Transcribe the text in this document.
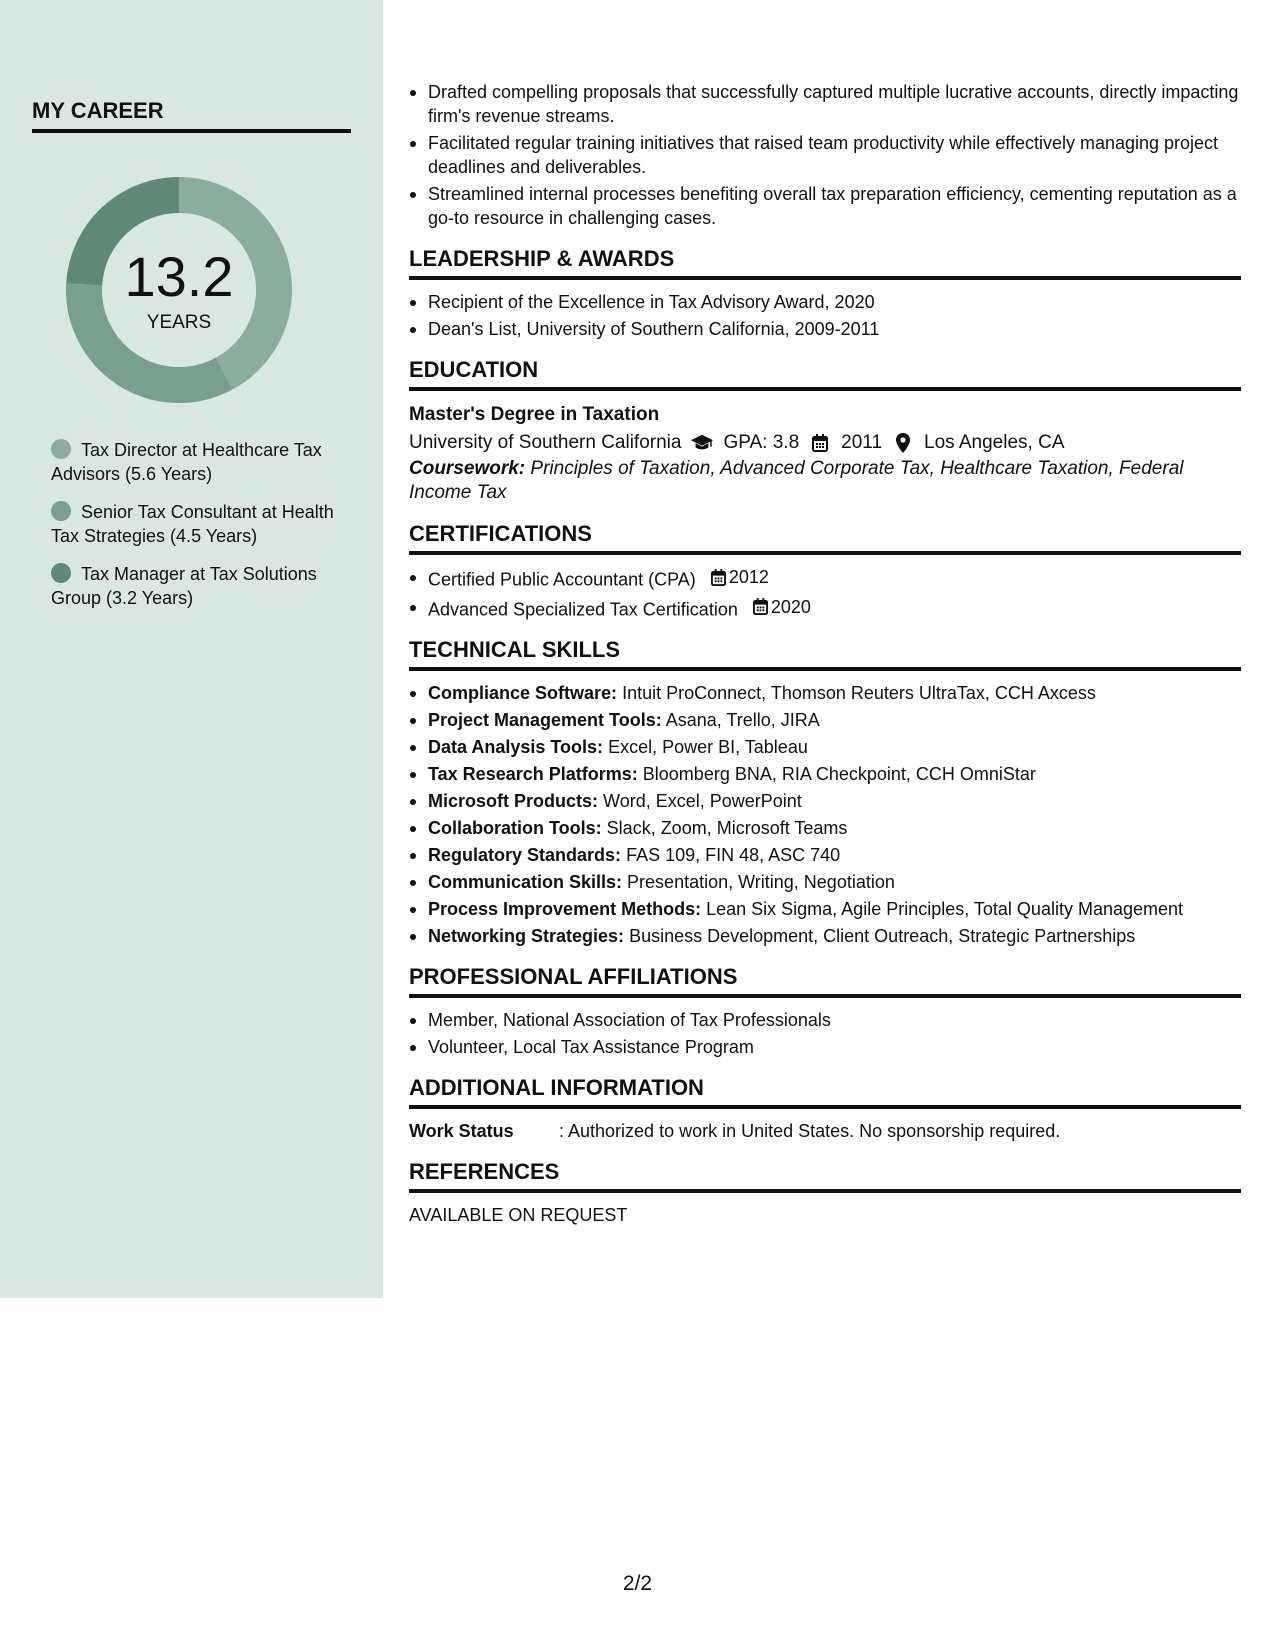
MY CAREER
13.2
YEARS
Tax Director at Healthcare Tax Advisors (5.6 Years)
Senior Tax Consultant at Health Tax Strategies (4.5 Years)
Tax Manager at Tax Solutions Group (3.2 Years)
Drafted compelling proposals that successfully captured multiple lucrative accounts, directly impacting firm's revenue streams.
Facilitated regular training initiatives that raised team productivity while effectively managing project deadlines and deliverables.
Streamlined internal processes benefiting overall tax preparation efficiency, cementing reputation as a go-to resource in challenging cases.
LEADERSHIP & AWARDS
Recipient of the Excellence in Tax Advisory Award, 2020
Dean's List, University of Southern California, 2009-2011
EDUCATION
Master's Degree in Taxation
University of Southern California GPA: 3.8 2011 Los Angeles, CA
Coursework: Principles of Taxation, Advanced Corporate Tax, Healthcare Taxation, Federal Income Tax
CERTIFICATIONS
Certified Public Accountant (CPA) 2012
Advanced Specialized Tax Certification 2020
TECHNICAL SKILLS
Compliance Software: Intuit ProConnect, Thomson Reuters UltraTax, CCH Axcess
Project Management Tools: Asana, Trello, JIRA
Data Analysis Tools: Excel, Power BI, Tableau
Tax Research Platforms: Bloomberg BNA, RIA Checkpoint, CCH OmniStar
Microsoft Products: Word, Excel, PowerPoint
Collaboration Tools: Slack, Zoom, Microsoft Teams
Regulatory Standards: FAS 109, FIN 48, ASC 740
Communication Skills: Presentation, Writing, Negotiation
Process Improvement Methods: Lean Six Sigma, Agile Principles, Total Quality Management
Networking Strategies: Business Development, Client Outreach, Strategic Partnerships
PROFESSIONAL AFFILIATIONS
Member, National Association of Tax Professionals
Volunteer, Local Tax Assistance Program
ADDITIONAL INFORMATION
Work Status	: Authorized to work in United States. No sponsorship required.
REFERENCES
AVAILABLE ON REQUEST
2/2
